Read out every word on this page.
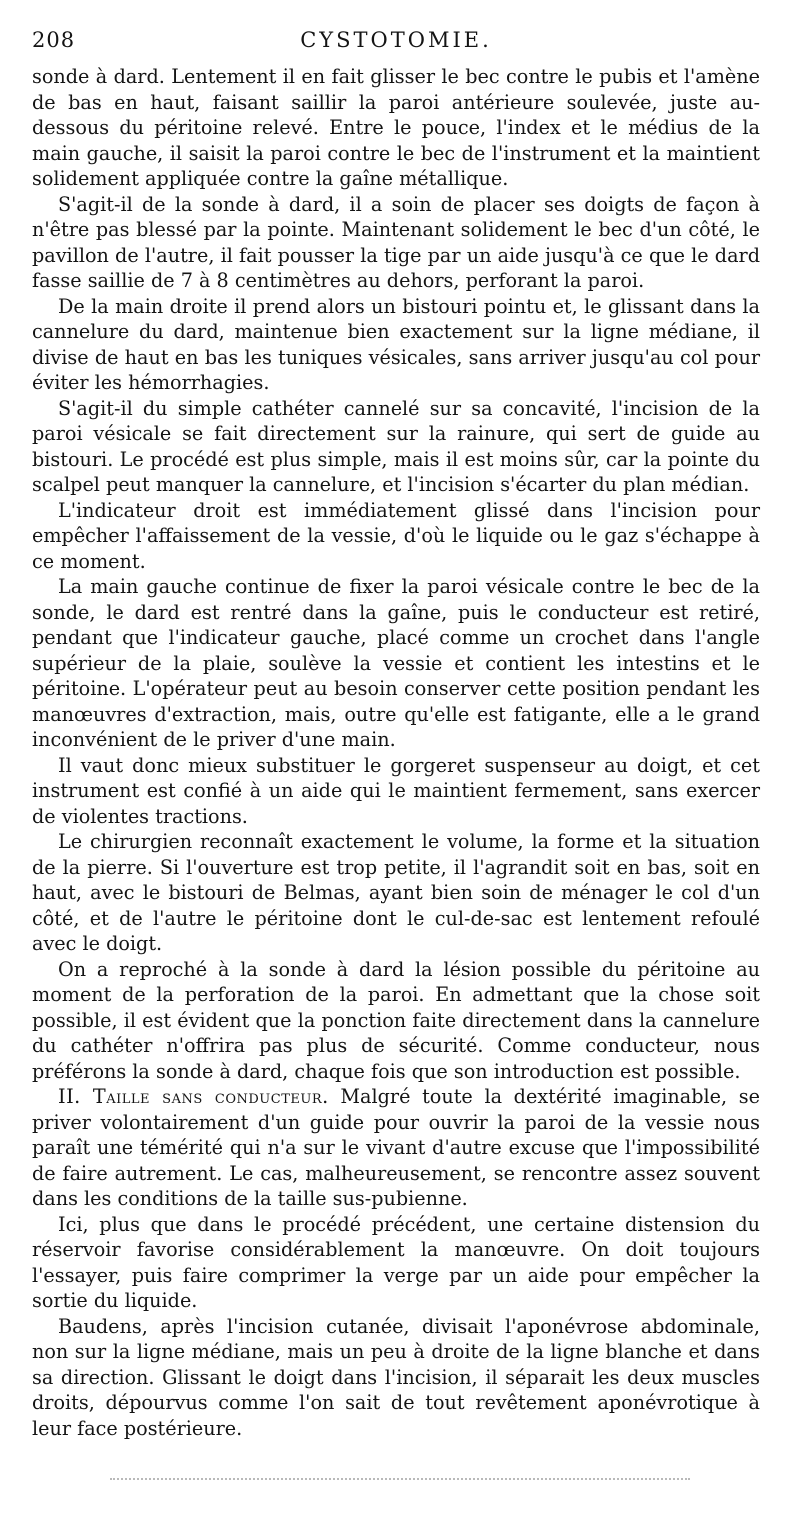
208	CYSTOTOMIE.

sonde à dard. Lentement il en fait glisser le bec contre le pubis et l'amène de bas en haut, faisant saillir la paroi antérieure soulevée, juste au-dessous du péritoine relevé. Entre le pouce, l'index et le médius de la main gauche, il saisit la paroi contre le bec de l'instrument et la maintient solidement appliquée contre la gaîne métallique.

S'agit-il de la sonde à dard, il a soin de placer ses doigts de façon à n'être pas blessé par la pointe. Maintenant solidement le bec d'un côté, le pavillon de l'autre, il fait pousser la tige par un aide jusqu'à ce que le dard fasse saillie de 7 à 8 centimètres au dehors, perforant la paroi.

De la main droite il prend alors un bistouri pointu et, le glissant dans la cannelure du dard, maintenue bien exactement sur la ligne médiane, il divise de haut en bas les tuniques vésicales, sans arriver jusqu'au col pour éviter les hémorrhagies.

S'agit-il du simple cathéter cannelé sur sa concavité, l'incision de la paroi vésicale se fait directement sur la rainure, qui sert de guide au bistouri. Le procédé est plus simple, mais il est moins sûr, car la pointe du scalpel peut manquer la cannelure, et l'incision s'écarter du plan médian.

L'indicateur droit est immédiatement glissé dans l'incision pour empêcher l'affaissement de la vessie, d'où le liquide ou le gaz s'échappe à ce moment.

La main gauche continue de fixer la paroi vésicale contre le bec de la sonde, le dard est rentré dans la gaîne, puis le conducteur est retiré, pendant que l'indicateur gauche, placé comme un crochet dans l'angle supérieur de la plaie, soulève la vessie et contient les intestins et le péritoine. L'opérateur peut au besoin conserver cette position pendant les manœuvres d'extraction, mais, outre qu'elle est fatigante, elle a le grand inconvénient de le priver d'une main.

Il vaut donc mieux substituer le gorgeret suspenseur au doigt, et cet instrument est confié à un aide qui le maintient fermement, sans exercer de violentes tractions.

Le chirurgien reconnaît exactement le volume, la forme et la situation de la pierre. Si l'ouverture est trop petite, il l'agrandit soit en bas, soit en haut, avec le bistouri de Belmas, ayant bien soin de ménager le col d'un côté, et de l'autre le péritoine dont le cul-de-sac est lentement refoulé avec le doigt.

On a reproché à la sonde à dard la lésion possible du péritoine au moment de la perforation de la paroi. En admettant que la chose soit possible, il est évident que la ponction faite directement dans la cannelure du cathéter n'offrira pas plus de sécurité. Comme conducteur, nous préférons la sonde à dard, chaque fois que son introduction est possible.

II. Taille sans conducteur. Malgré toute la dextérité imaginable, se priver volontairement d'un guide pour ouvrir la paroi de la vessie nous paraît une témérité qui n'a sur le vivant d'autre excuse que l'impossibilité de faire autrement. Le cas, malheureusement, se rencontre assez souvent dans les conditions de la taille sus-pubienne.

Ici, plus que dans le procédé précédent, une certaine distension du réservoir favorise considérablement la manœuvre. On doit toujours l'essayer, puis faire comprimer la verge par un aide pour empêcher la sortie du liquide.

Baudens, après l'incision cutanée, divisait l'aponévrose abdominale, non sur la ligne médiane, mais un peu à droite de la ligne blanche et dans sa direction. Glissant le doigt dans l'incision, il séparait les deux muscles droits, dépourvus comme l'on sait de tout revêtement aponévrotique à leur face postérieure.
